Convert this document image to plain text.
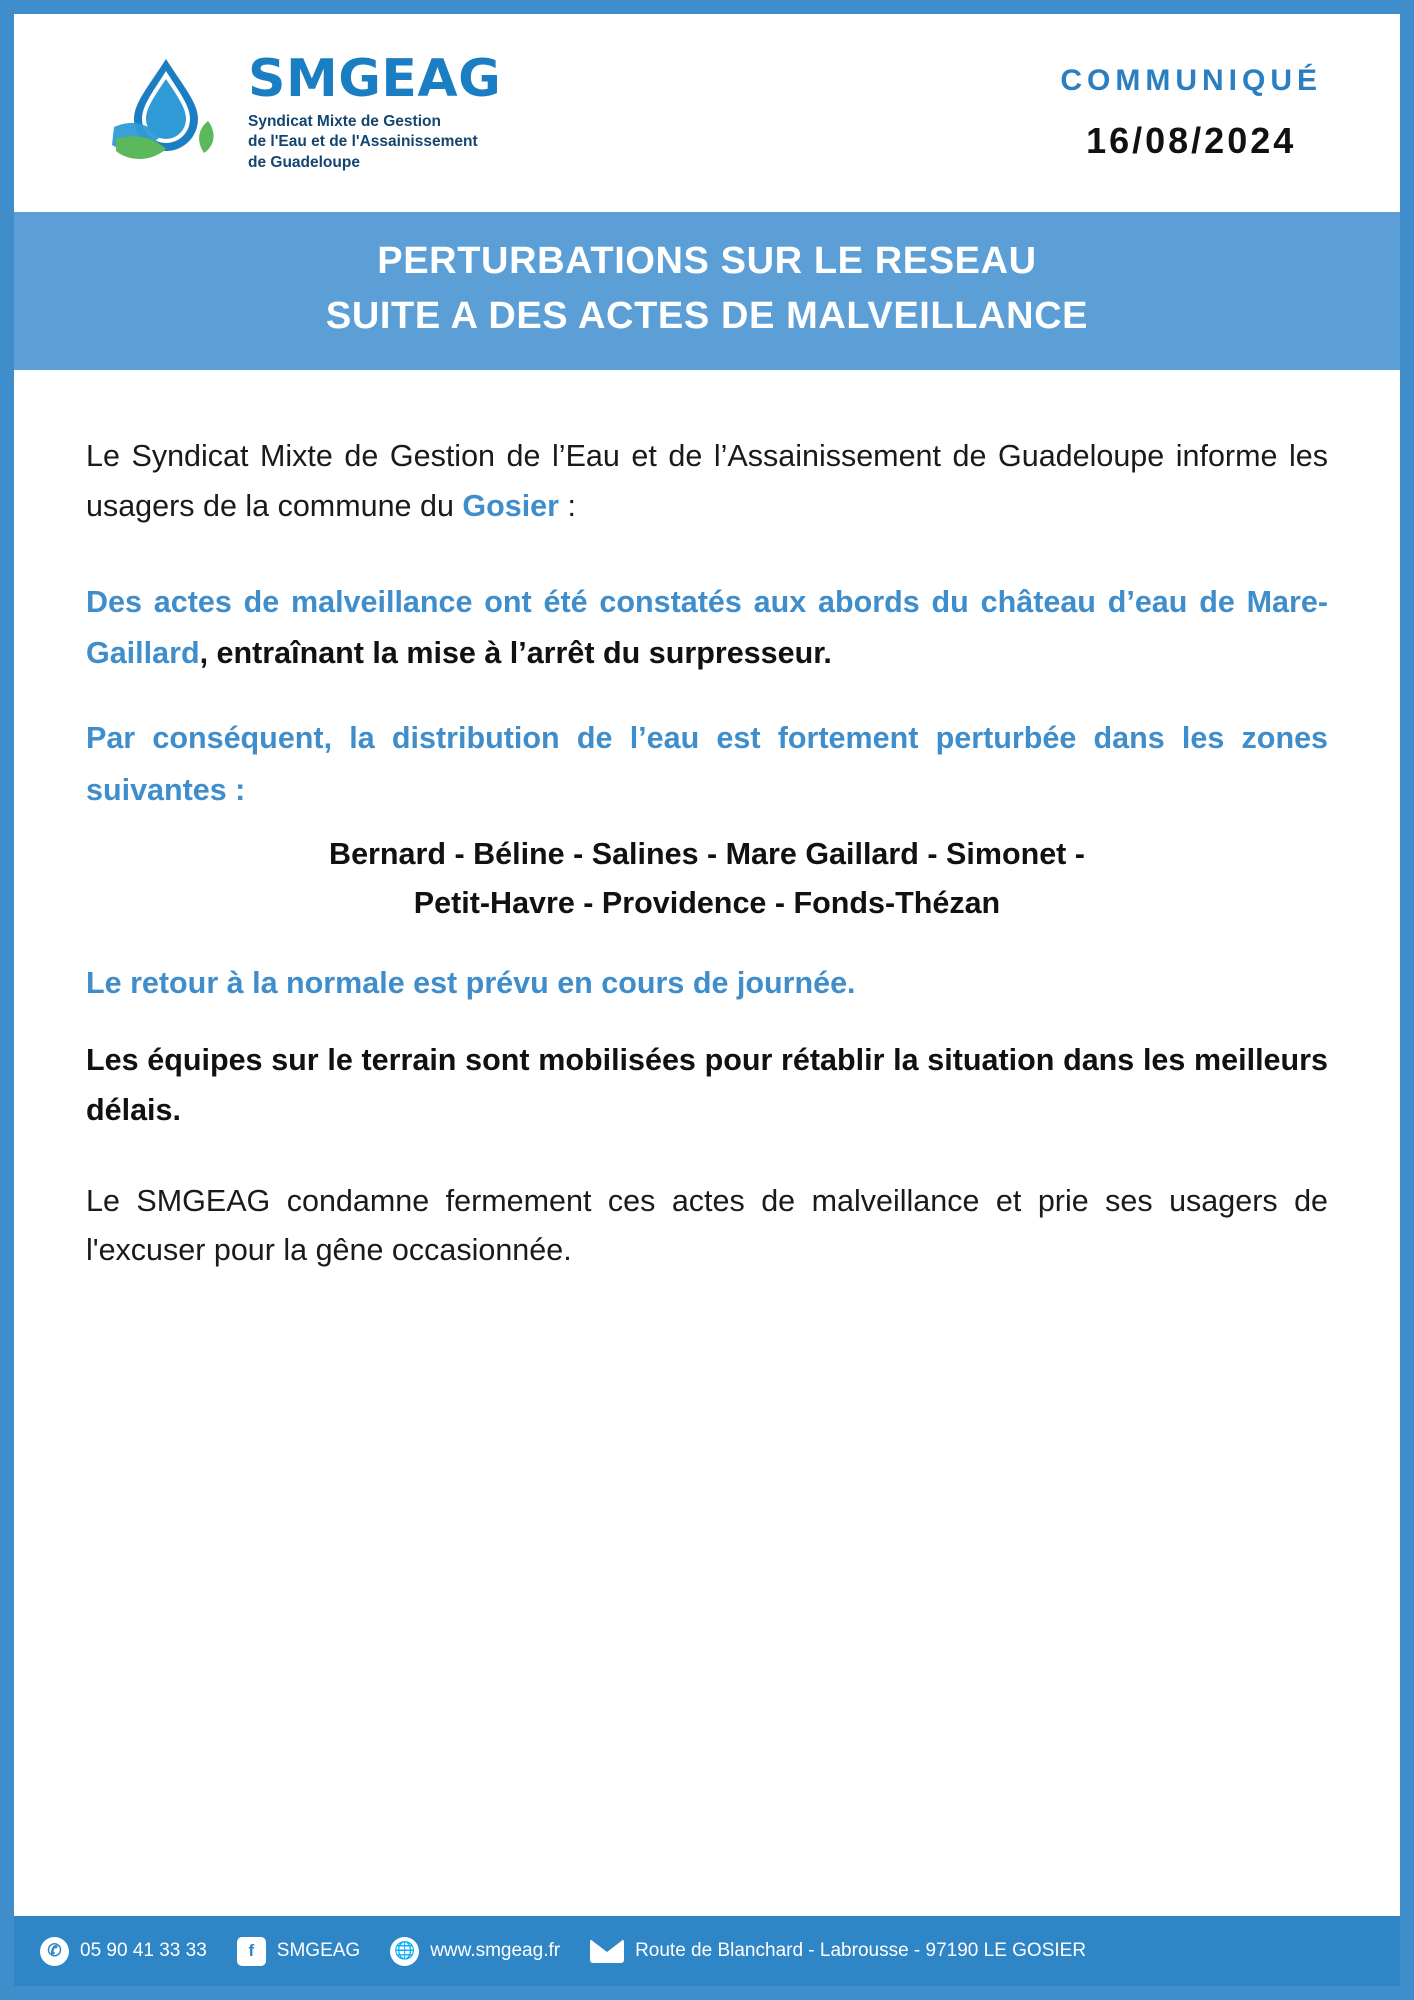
SMGEAG
Syndicat Mixte de Gestion
de l'Eau et de l'Assainissement
de Guadeloupe
COMMUNIQUÉ
16/08/2024
PERTURBATIONS SUR LE RESEAU
SUITE A DES ACTES DE MALVEILLANCE

Le Syndicat Mixte de Gestion de l’Eau et de l’Assainissement de Guadeloupe informe les usagers de la commune du Gosier :

Des actes de malveillance ont été constatés aux abords du château d’eau de Mare-Gaillard, entraînant la mise à l’arrêt du surpresseur.

Par conséquent, la distribution de l’eau est fortement perturbée dans les zones suivantes :

Bernard - Béline - Salines - Mare Gaillard - Simonet -
Petit-Havre - Providence - Fonds-Thézan

Le retour à la normale est prévu en cours de journée.

Les équipes sur le terrain sont mobilisées pour rétablir la situation dans les meilleurs délais.

Le SMGEAG condamne fermement ces actes de malveillance et prie ses usagers de l'excuser pour la gêne occasionnée.

✆ 05 90 41 33 33	f	SMGEAG 🌐 www.smgeag.fr	Route de Blanchard - Labrousse - 97190 LE GOSIER
